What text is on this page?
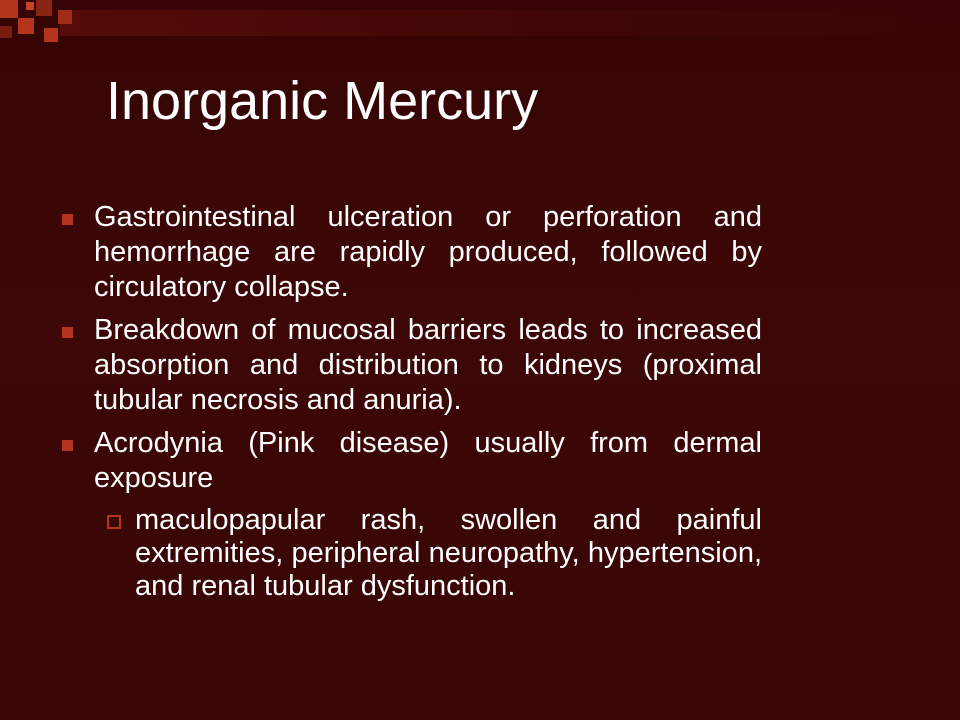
Inorganic Mercury
Gastrointestinal ulceration or perforation and hemorrhage are rapidly produced, followed by circulatory collapse.
Breakdown of mucosal barriers leads to increased absorption and distribution to kidneys (proximal tubular necrosis and anuria).
Acrodynia (Pink disease) usually from dermal exposure
maculopapular rash, swollen and painful extremities, peripheral neuropathy, hypertension, and renal tubular dysfunction.
